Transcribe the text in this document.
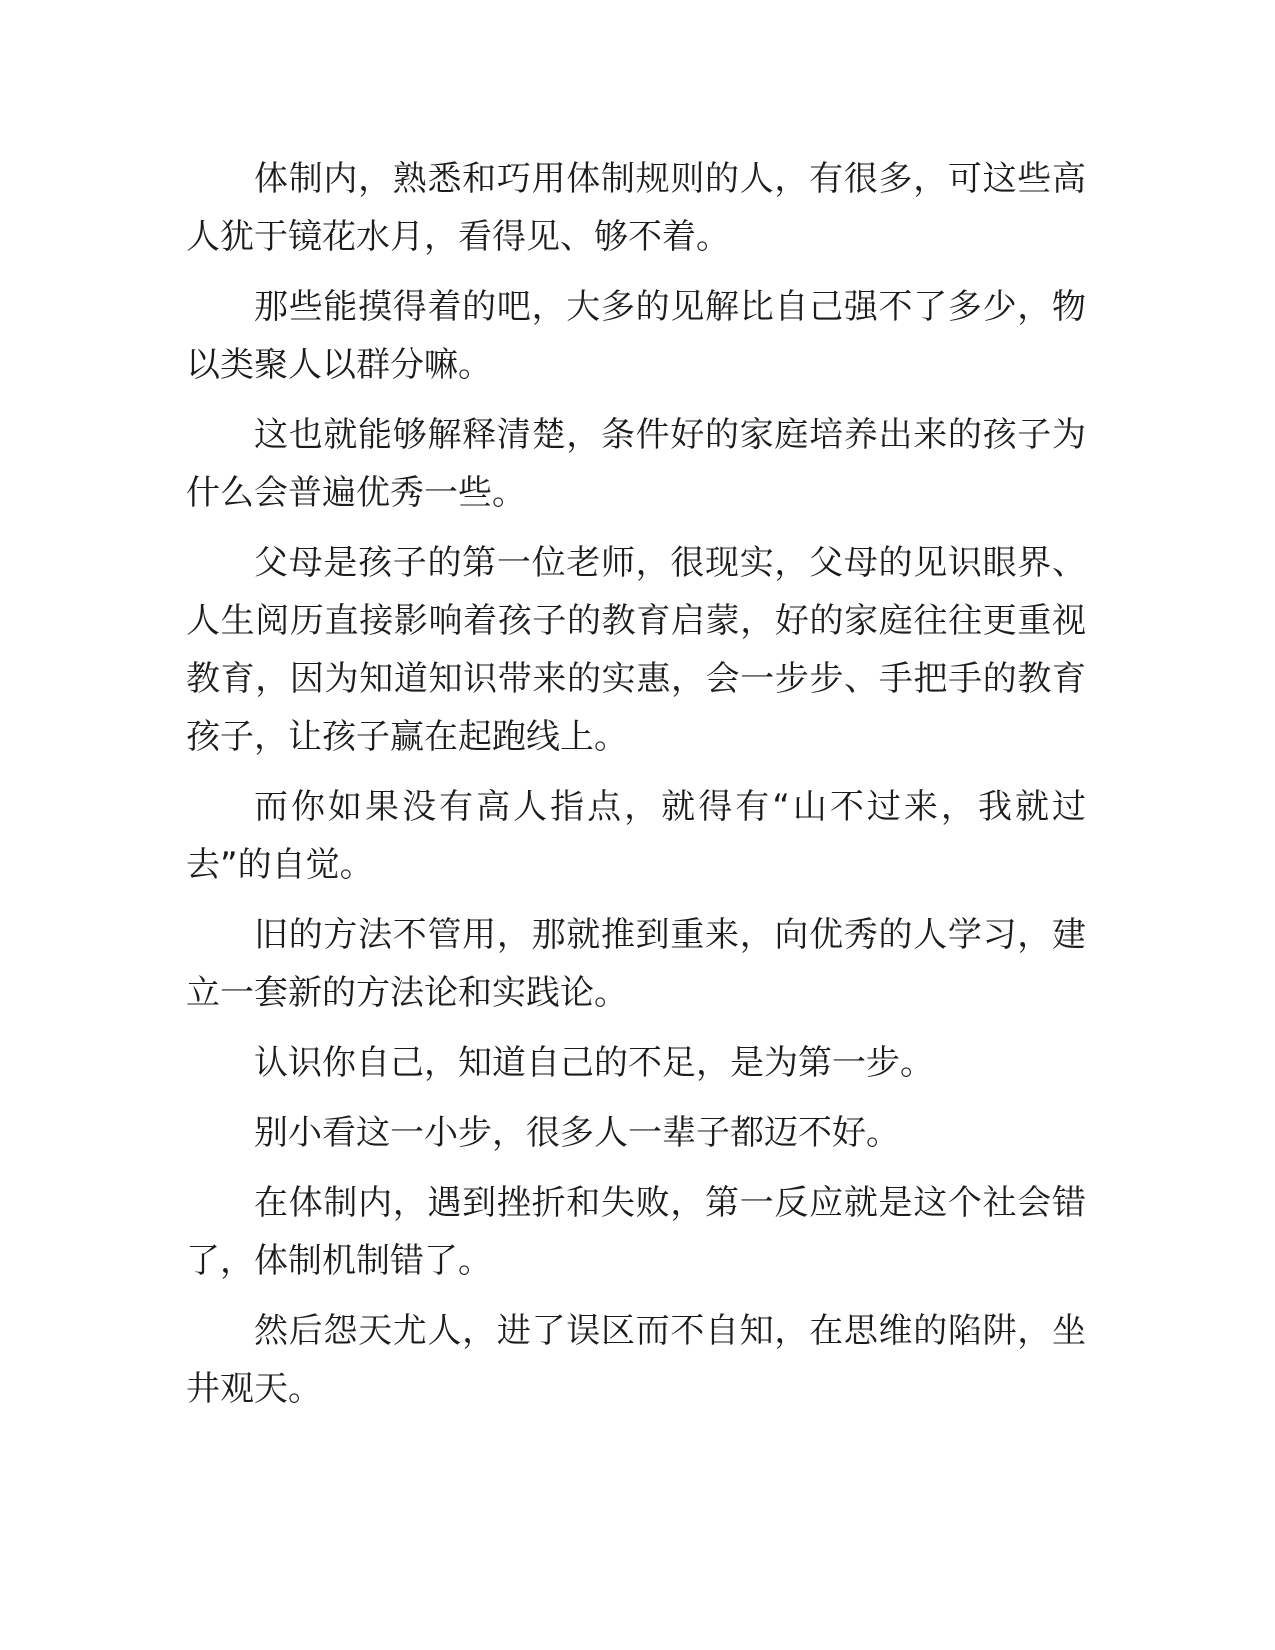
体制内，熟悉和巧用体制规则的人，有很多，可这些高人犹于镜花水月，看得见、够不着。

那些能摸得着的吧，大多的见解比自己强不了多少，物以类聚人以群分嘛。

这也就能够解释清楚，条件好的家庭培养出来的孩子为什么会普遍优秀一些。

父母是孩子的第一位老师，很现实，父母的见识眼界、人生阅历直接影响着孩子的教育启蒙，好的家庭往往更重视教育，因为知道知识带来的实惠，会一步步、手把手的教育孩子，让孩子赢在起跑线上。

而你如果没有高人指点，就得有“山不过来，我就过去”的自觉。

旧的方法不管用，那就推到重来，向优秀的人学习，建立一套新的方法论和实践论。

认识你自己，知道自己的不足，是为第一步。

别小看这一小步，很多人一辈子都迈不好。

在体制内，遇到挫折和失败，第一反应就是这个社会错了，体制机制错了。

然后怨天尤人，进了误区而不自知，在思维的陷阱，坐井观天。
